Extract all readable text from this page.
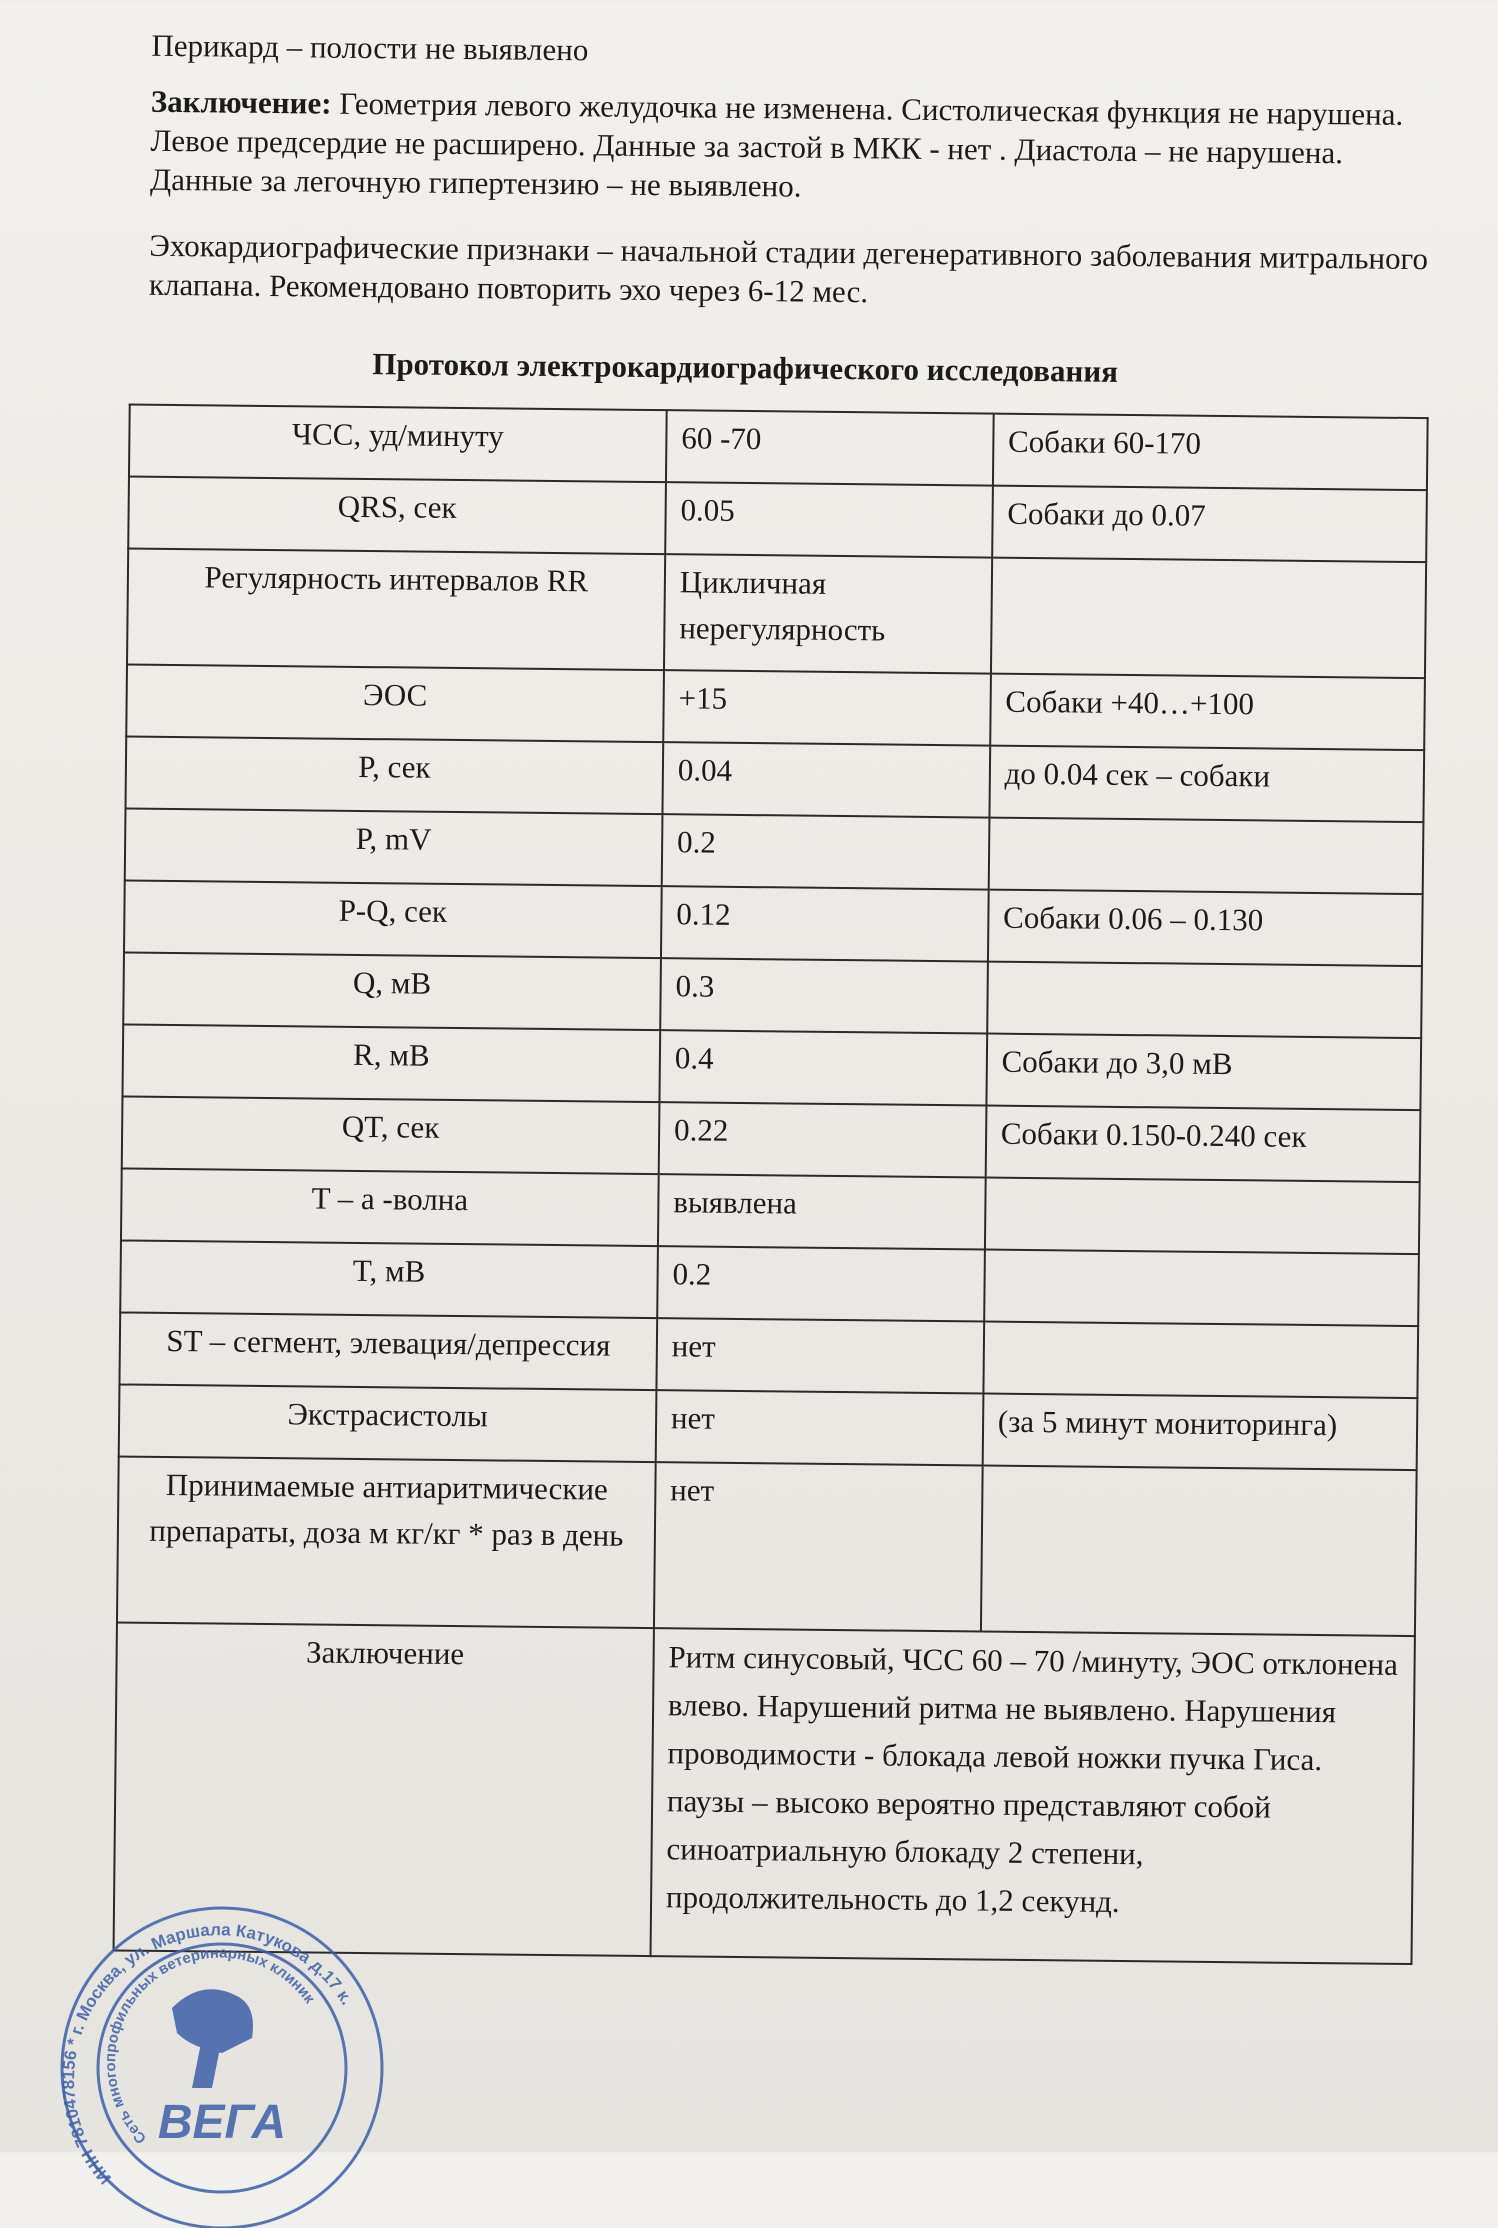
Перикард – полости не выявлено
Заключение: Геометрия левого желудочка не изменена. Систолическая функция не нарушена. Левое предсердие не расширено. Данные за застой в МКК - нет . Диастола – не нарушена. Данные за легочную гипертензию – не выявлено.
Эхокардиографические признаки – начальной стадии дегенеративного заболевания митрального клапана. Рекомендовано повторить эхо через 6-12 мес.
Протокол электрокардиографического исследования
ЧСС, уд/минуту	60 -70	Собаки 60-170
QRS, сек	0.05	Собаки до 0.07
Регулярность интервалов RR	Цикличная нерегулярность	
ЭОС	+15	Собаки +40…+100
P, сек	0.04	до 0.04 сек – собаки
P, mV	0.2	
P-Q, сек	0.12	Собаки 0.06 – 0.130
Q, мВ	0.3	
R, мВ	0.4	Собаки до 3,0 мВ
QT, сек	0.22	Собаки 0.150-0.240 сек
T – а -волна	выявлена	
T, мВ	0.2	
ST – сегмент, элевация/депрессия	нет	
Экстрасистолы	нет	(за 5 минут мониторинга)
Принимаемые антиаритмические препараты, доза м кг/кг * раз в день	нет	
Заключение	Ритм синусовый, ЧСС 60 – 70 /минуту, ЭОС отклонена влево. Нарушений ритма не выявлено. Нарушения проводимости - блокада левой ножки пучка Гиса. паузы – высоко вероятно представляют собой синоатриальную блокаду 2 степени, продолжительность до 1,2 секунд.	
ИНН 7810478156 * г. Москва, ул. Маршала Катукова д.17 к.
Сеть многопрофильных ветеринарных клиник
ВЕГА
